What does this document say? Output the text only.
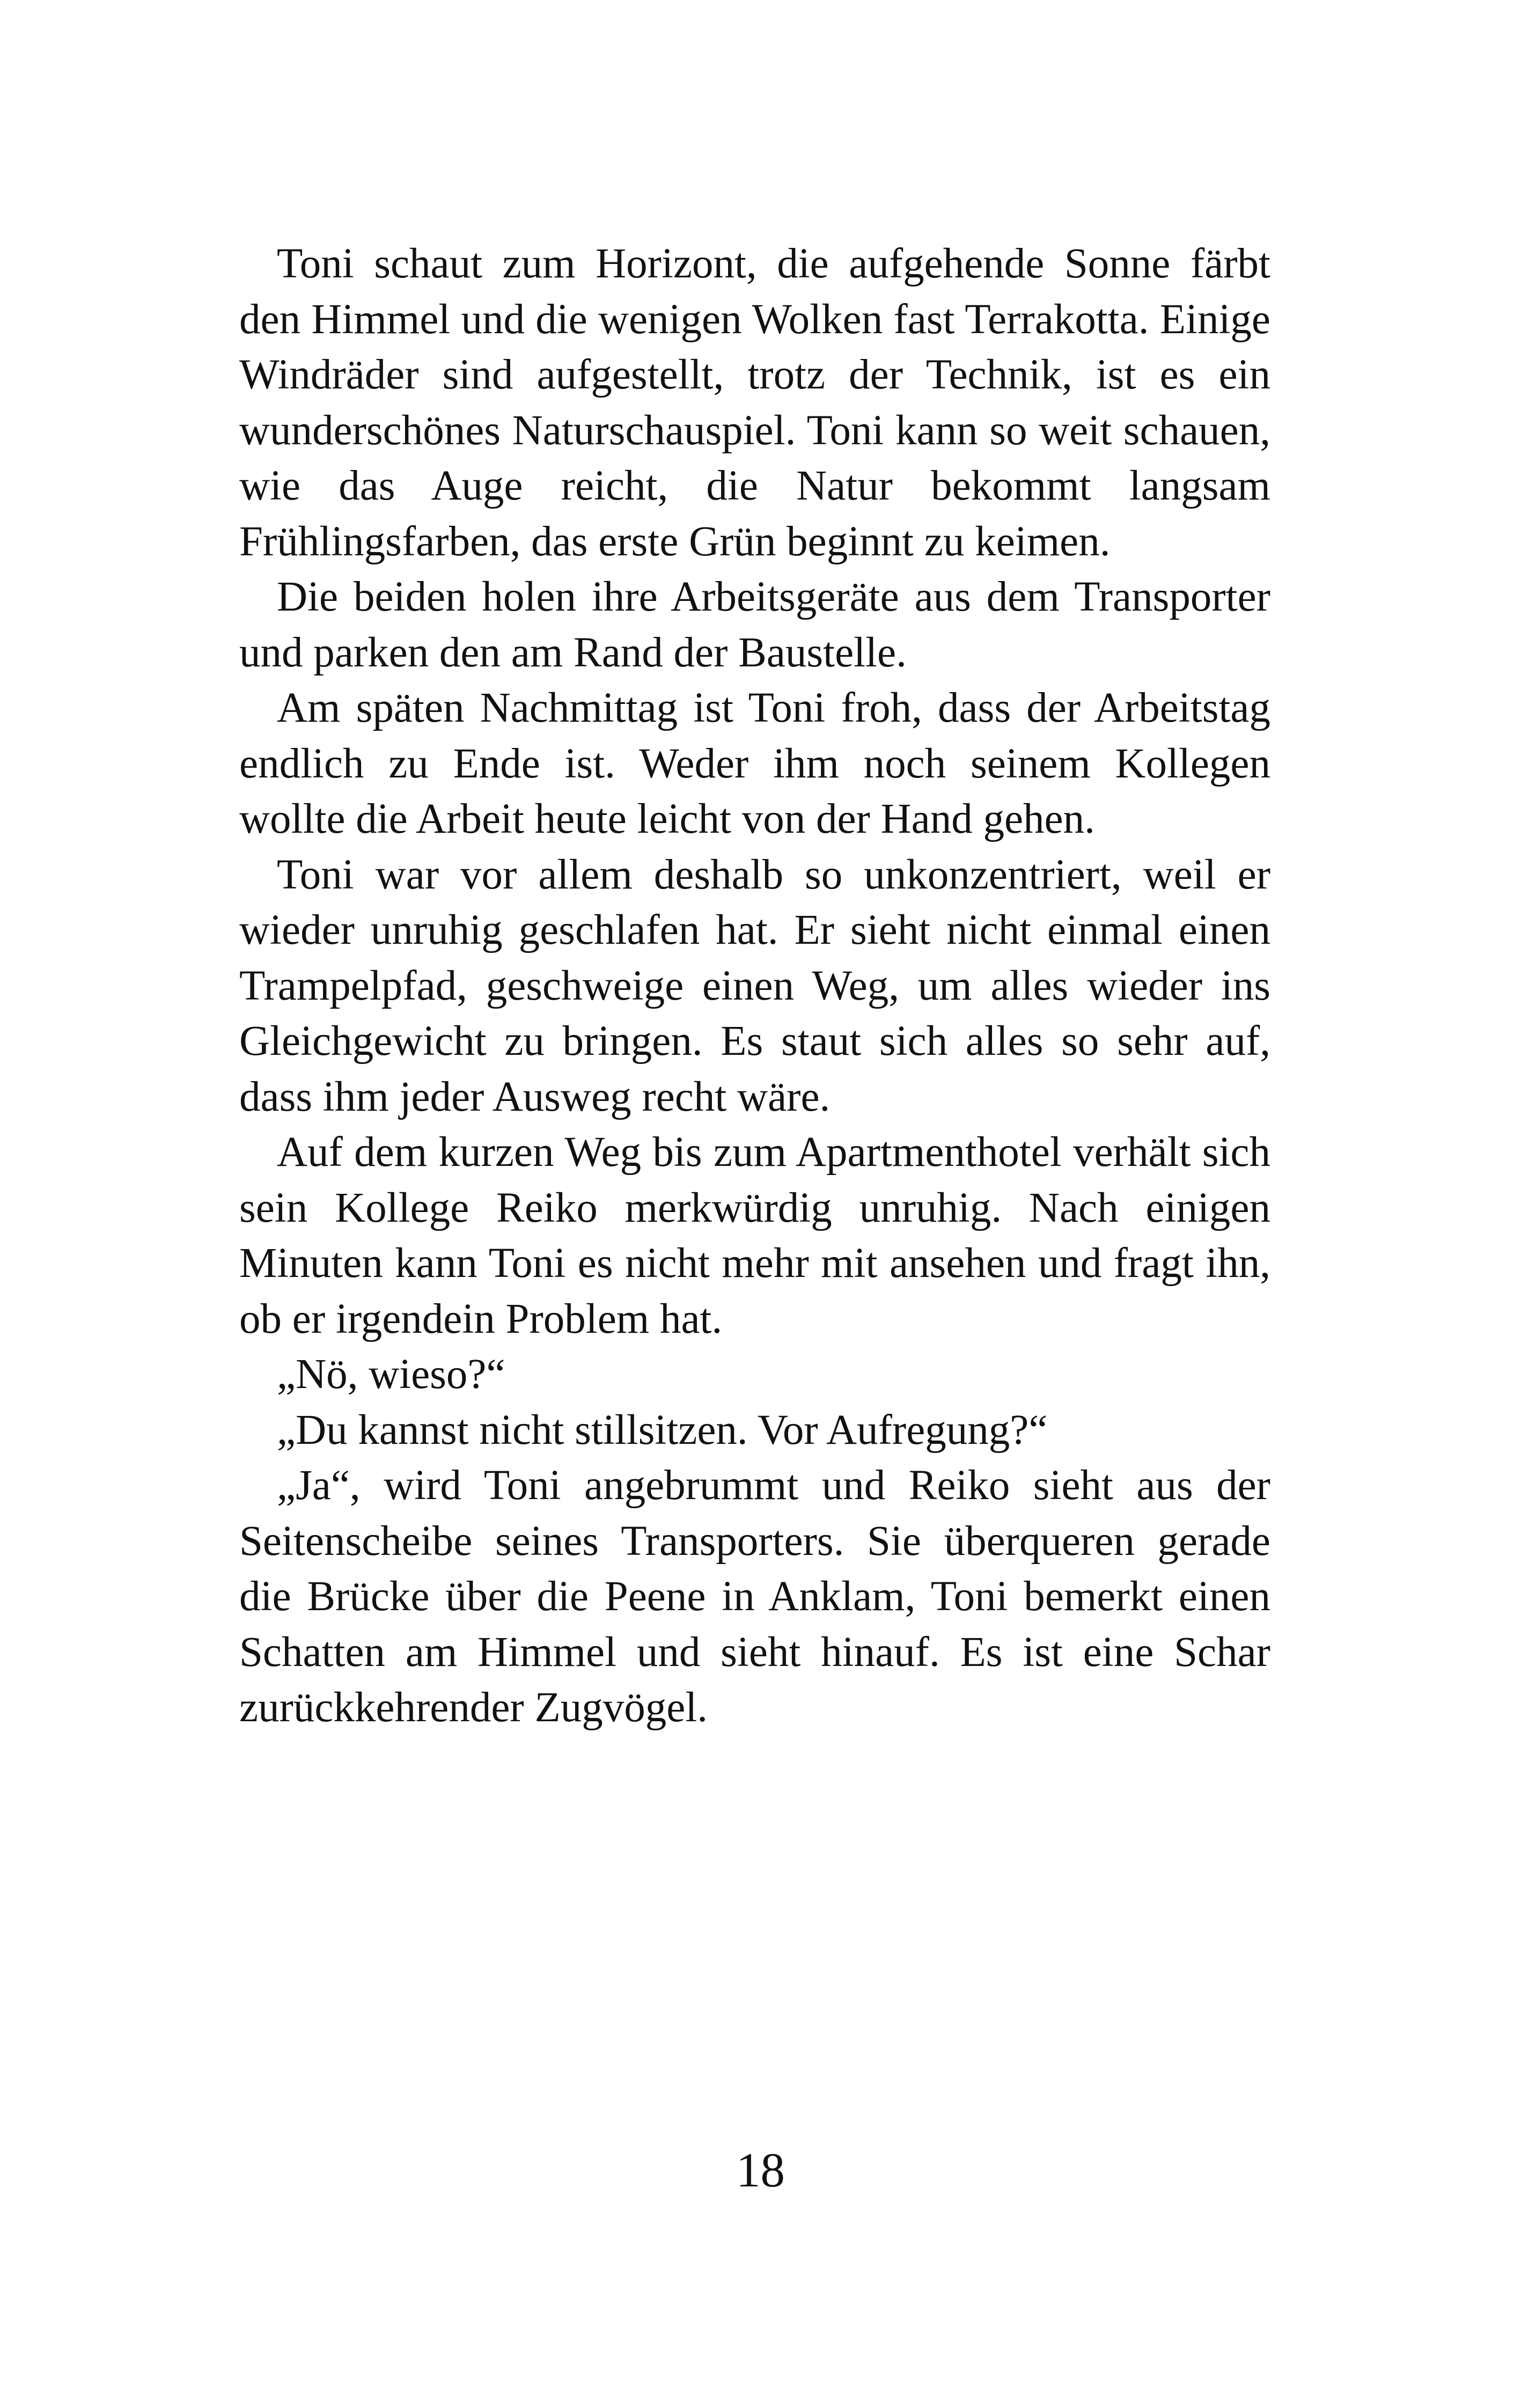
Toni schaut zum Horizont, die aufgehende Sonne färbt den Himmel und die wenigen Wolken fast Terrakotta. Einige Windräder sind aufgestellt, trotz der Technik, ist es ein wunderschönes Naturschauspiel. Toni kann so weit schauen, wie das Auge reicht, die Natur bekommt langsam Frühlingsfarben, das erste Grün beginnt zu keimen.

Die beiden holen ihre Arbeitsgeräte aus dem Transporter und parken den am Rand der Baustelle.

Am späten Nachmittag ist Toni froh, dass der Arbeitstag endlich zu Ende ist. Weder ihm noch seinem Kollegen wollte die Arbeit heute leicht von der Hand gehen.

Toni war vor allem deshalb so unkonzentriert, weil er wieder unruhig geschlafen hat. Er sieht nicht einmal einen Trampelpfad, geschweige einen Weg, um alles wieder ins Gleichgewicht zu bringen. Es staut sich alles so sehr auf, dass ihm jeder Ausweg recht wäre.

Auf dem kurzen Weg bis zum Apartmenthotel verhält sich sein Kollege Reiko merkwürdig unruhig. Nach einigen Minuten kann Toni es nicht mehr mit ansehen und fragt ihn, ob er irgendein Problem hat.

„Nö, wieso?“

„Du kannst nicht stillsitzen. Vor Aufregung?“

„Ja“, wird Toni angebrummt und Reiko sieht aus der Seitenscheibe seines Transporters. Sie überqueren gerade die Brücke über die Peene in Anklam, Toni bemerkt einen Schatten am Himmel und sieht hinauf. Es ist eine Schar zurückkehrender Zugvögel.

18
